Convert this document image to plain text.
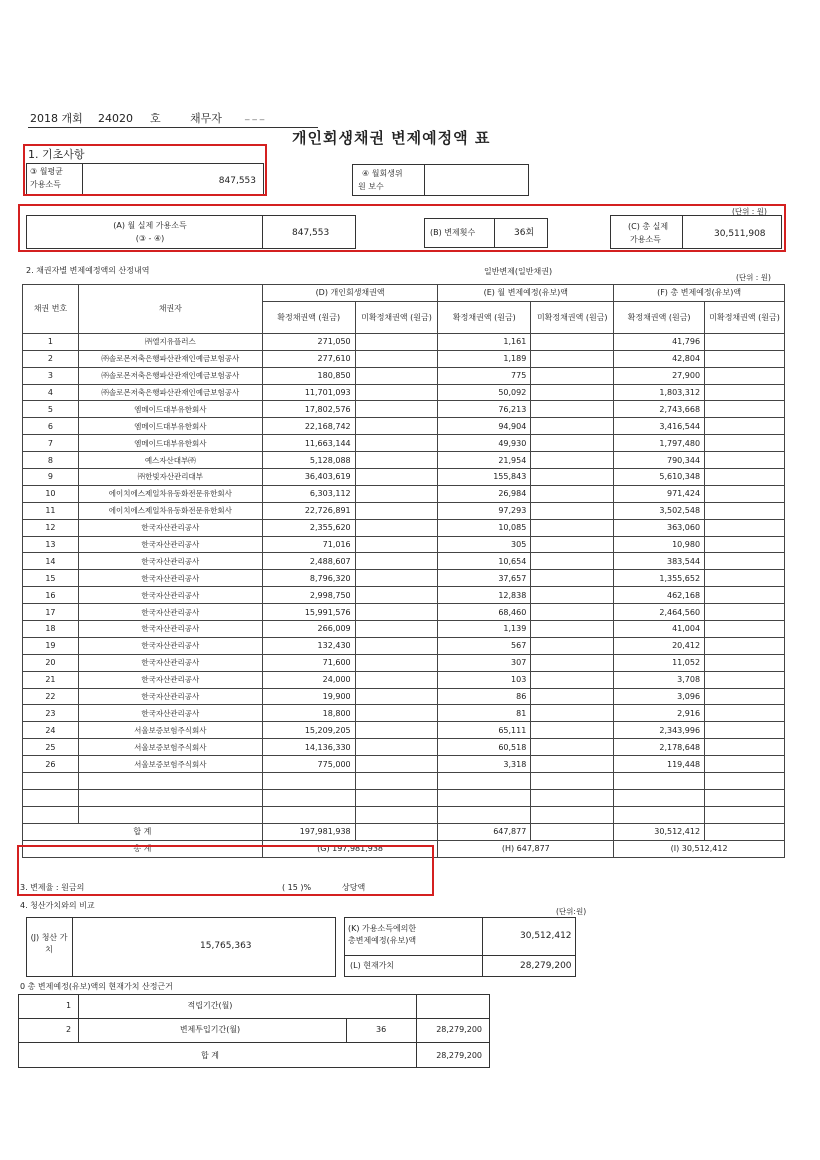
2018 개회 24020 호	채무자	_ _ _
개인회생채권 변제예정액 표
1. 기초사항
③ 월평균
가용소득	847,553
④ 월회생위
원 보수
(단위 : 원)
(A) 월 실제 가용소득
(③ - ④)
847,553	(B) 변제횟수	36회
(C) 총 실제
가용소득
30,511,908
2. 채권자별 변제예정액의 산정내역	일반변제(일반채권)
(단위 : 원)
채권 번호	채권자	(D) 개인회생채권액		(E) 월 변제예정(유보)액		(F) 총 변제예정(유보)액	
		확정채권액 (원금)	미확정채권액 (원금)	확정채권액 (원금)	미확정채권액 (원금)	확정채권액 (원금)	미확정채권액 (원금)
1	㈜엘지유플러스	271,050		1,161		41,796	
2	㈜솔로몬저축은행파산관재인예금보험공사	277,610		1,189		42,804	
3	㈜솔로몬저축은행파산관재인예금보험공사	180,850		775		27,900	
4	㈜솔로몬저축은행파산관재인예금보험공사	11,701,093		50,092		1,803,312	
5	엠메이드대부유한회사	17,802,576		76,213		2,743,668	
6	엠메이드대부유한회사	22,168,742		94,904		3,416,544	
7	엠메이드대부유한회사	11,663,144		49,930		1,797,480	
8	예스자산대부㈜	5,128,088		21,954		790,344	
9	㈜한빛자산관리대부	36,403,619		155,843		5,610,348	
10	에이치에스제일차유동화전문유한회사	6,303,112		26,984		971,424	
11	에이치에스제일차유동화전문유한회사	22,726,891		97,293		3,502,548	
12	한국자산관리공사	2,355,620		10,085		363,060	
13	한국자산관리공사	71,016		305		10,980	
14	한국자산관리공사	2,488,607		10,654		383,544	
15	한국자산관리공사	8,796,320		37,657		1,355,652	
16	한국자산관리공사	2,998,750		12,838		462,168	
17	한국자산관리공사	15,991,576		68,460		2,464,560	
18	한국자산관리공사	266,009		1,139		41,004	
19	한국자산관리공사	132,430		567		20,412	
20	한국자산관리공사	71,600		307		11,052	
21	한국자산관리공사	24,000		103		3,708	
22	한국자산관리공사	19,900		86		3,096	
23	한국자산관리공사	18,800		81		2,916	
24	서울보증보험주식회사	15,209,205		65,111		2,343,996	
25	서울보증보험주식회사	14,136,330		60,518		2,178,648	
26	서울보증보험주식회사	775,000		3,318		119,448	

합 계		197,981,938		647,877		30,512,412	
총 계		(G) 197,981,938		(H) 647,877		(I) 30,512,412	
3. 변제율 : 원금의	( 15 )%	상당액
4. 청산가치와의 비교
(단위:원)
(J) 청산 가치	15,765,363
(K) 가용소득에의한
총변제예정(유보)액	30,512,412
(L) 현재가치	28,279,200
0 총 변제예정(유보)액의 현재가치 산정근거
1	적립기간(월)
2	변제투입기간(월)	36	28,279,200
합 계	28,279,200
